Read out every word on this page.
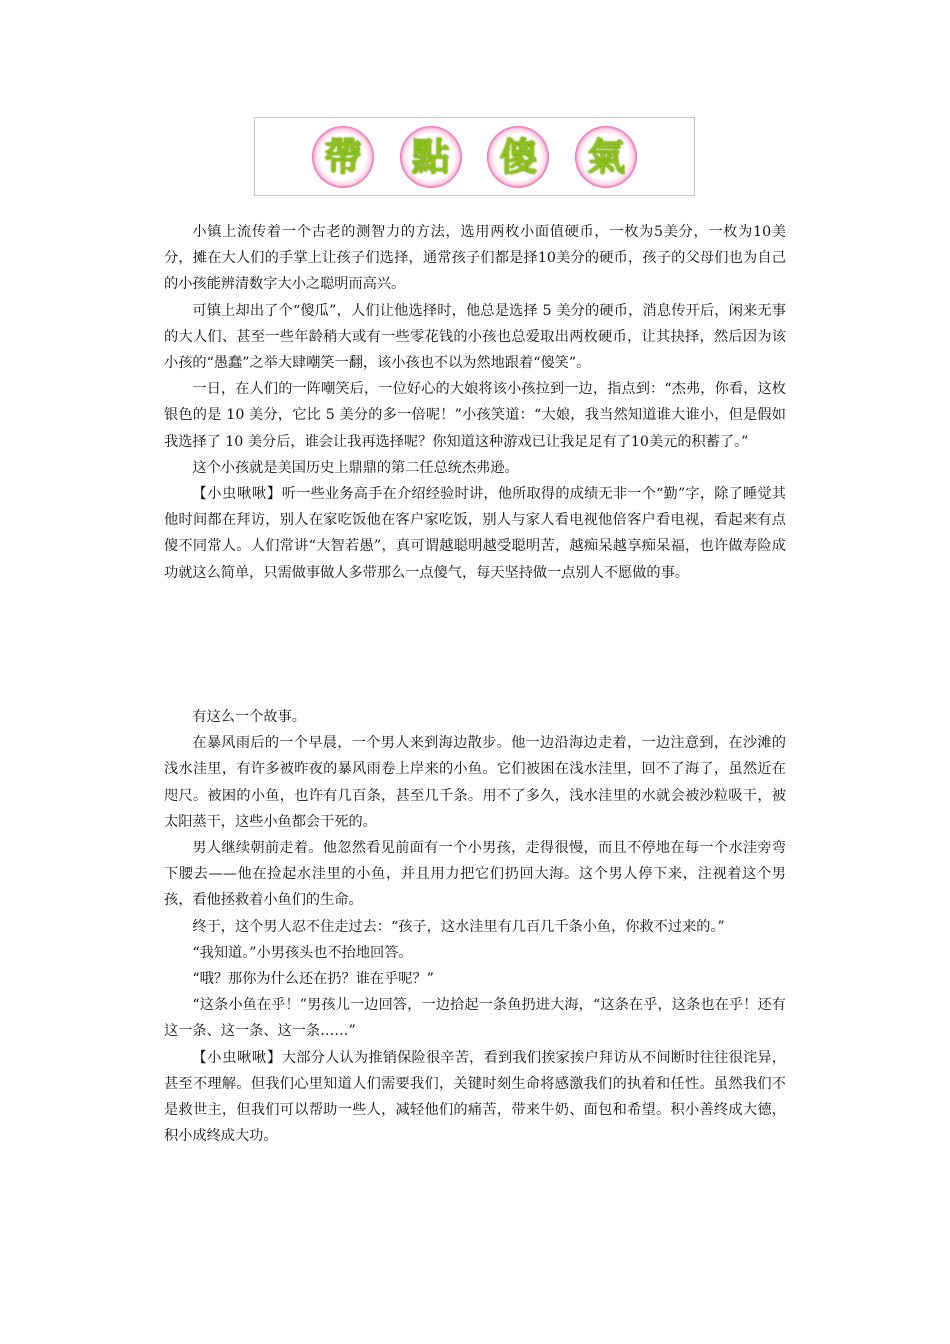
帶 點 傻 氣

小镇上流传着一个古老的测智力的方法，选用两枚小面值硬币，一枚为5美分，一枚为10美分，摊在大人们的手掌上让孩子们选择，通常孩子们都是择10美分的硬币，孩子的父母们也为自己的小孩能辨清数字大小之聪明而高兴。

可镇上却出了个“傻瓜”，人们让他选择时，他总是选择 5 美分的硬币，消息传开后，闲来无事的大人们、甚至一些年龄稍大或有一些零花钱的小孩也总爱取出两枚硬币，让其抉择，然后因为该小孩的“愚蠢”之举大肆嘲笑一翻，该小孩也不以为然地跟着“傻笑”。

一日，在人们的一阵嘲笑后，一位好心的大娘将该小孩拉到一边，指点到：“杰弗，你看，这枚银色的是 10 美分，它比 5 美分的多一倍呢！”小孩笑道：“大娘，我当然知道谁大谁小，但是假如我选择了 10 美分后，谁会让我再选择呢？你知道这种游戏已让我足足有了10美元的积蓄了。”

这个小孩就是美国历史上鼎鼎的第二任总统杰弗逊。

【小虫啾啾】听一些业务高手在介绍经验时讲，他所取得的成绩无非一个“勤”字，除了睡觉其他时间都在拜访，别人在家吃饭他在客户家吃饭，别人与家人看电视他倍客户看电视，看起来有点傻不同常人。人们常讲“大智若愚”，真可谓越聪明越受聪明苦，越痴呆越享痴呆福，也许做寿险成功就这么简单，只需做事做人多带那么一点傻气，每天坚持做一点别人不愿做的事。

有这么一个故事。

在暴风雨后的一个早晨，一个男人来到海边散步。他一边沿海边走着，一边注意到，在沙滩的浅水洼里，有许多被昨夜的暴风雨卷上岸来的小鱼。它们被困在浅水洼里，回不了海了，虽然近在咫尺。被困的小鱼，也许有几百条，甚至几千条。用不了多久，浅水洼里的水就会被沙粒吸干，被太阳蒸干，这些小鱼都会干死的。

男人继续朝前走着。他忽然看见前面有一个小男孩，走得很慢，而且不停地在每一个水洼旁弯下腰去——他在捡起水洼里的小鱼，并且用力把它们扔回大海。这个男人停下来，注视着这个男孩，看他拯救着小鱼们的生命。

终于，这个男人忍不住走过去：“孩子，这水洼里有几百几千条小鱼，你救不过来的。”

“我知道。”小男孩头也不抬地回答。

“哦？那你为什么还在扔？谁在乎呢？”

“这条小鱼在乎！”男孩儿一边回答，一边拾起一条鱼扔进大海，“这条在乎，这条也在乎！还有这一条、这一条、这一条……”

【小虫啾啾】大部分人认为推销保险很辛苦，看到我们挨家挨户拜访从不间断时往往很诧异，甚至不理解。但我们心里知道人们需要我们，关键时刻生命将感激我们的执着和任性。虽然我们不是救世主，但我们可以帮助一些人，减轻他们的痛苦，带来牛奶、面包和希望。积小善终成大德，积小成终成大功。
